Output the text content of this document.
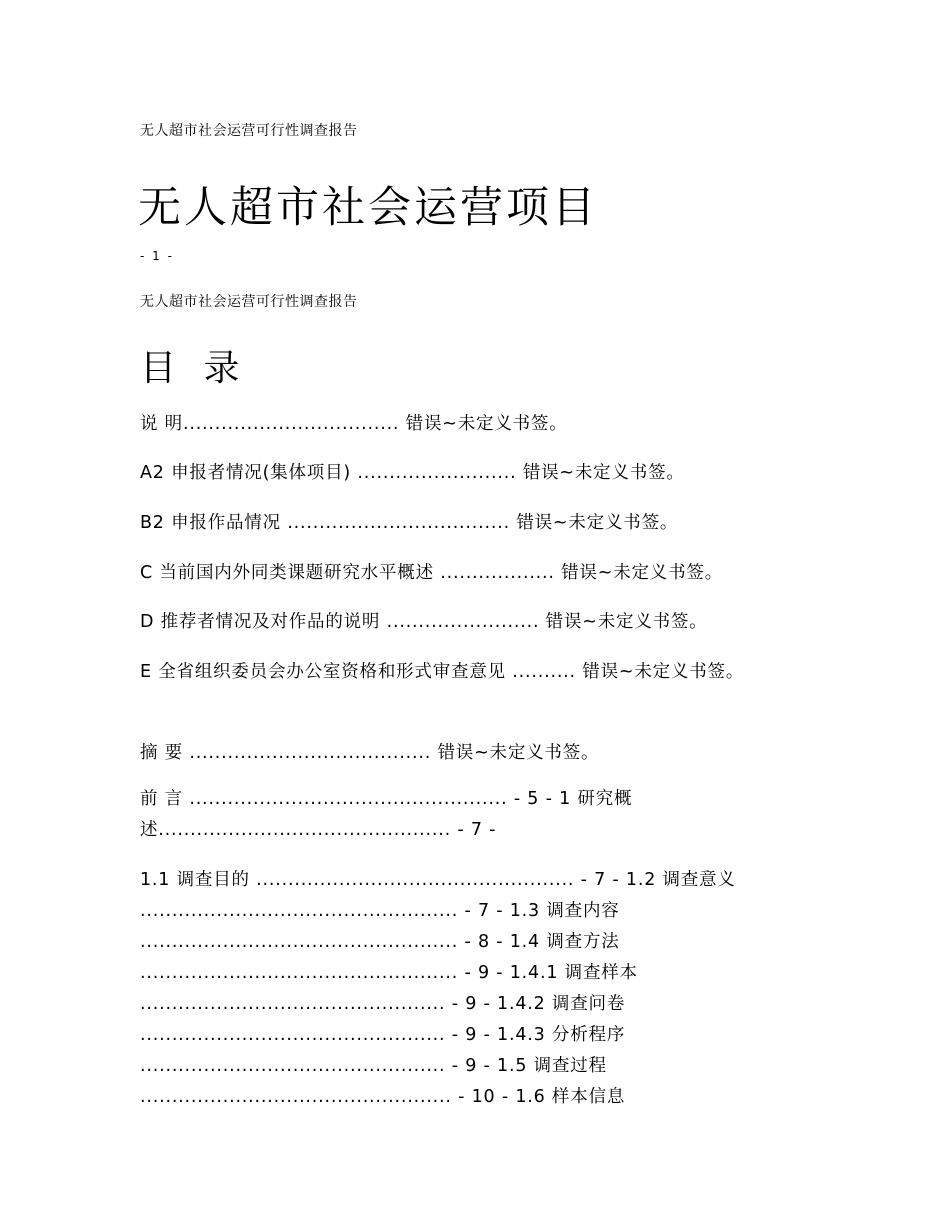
无人超市社会运营可行性调查报告
无人超市社会运营项目
- 1 -
无人超市社会运营可行性调查报告
目 录
说 明.................................. 错误~未定义书签。
A2 申报者情况(集体项目) ......................... 错误~未定义书签。
B2 申报作品情况 ................................... 错误~未定义书签。
C 当前国内外同类课题研究水平概述 .................. 错误~未定义书签。
D 推荐者情况及对作品的说明 ........................ 错误~未定义书签。
E 全省组织委员会办公室资格和形式审查意见 .......... 错误~未定义书签。
摘 要 ...................................... 错误~未定义书签。
前 言 .................................................. - 5 - 1 研究概
述.............................................. - 7 -
1.1 调查目的 .................................................. - 7 - 1.2 调查意义
.................................................. - 7 - 1.3 调查内容
.................................................. - 8 - 1.4 调查方法
.................................................. - 9 - 1.4.1 调查样本
................................................ - 9 - 1.4.2 调查问卷
................................................ - 9 - 1.4.3 分析程序
................................................ - 9 - 1.5 调查过程
................................................. - 10 - 1.6 样本信息
